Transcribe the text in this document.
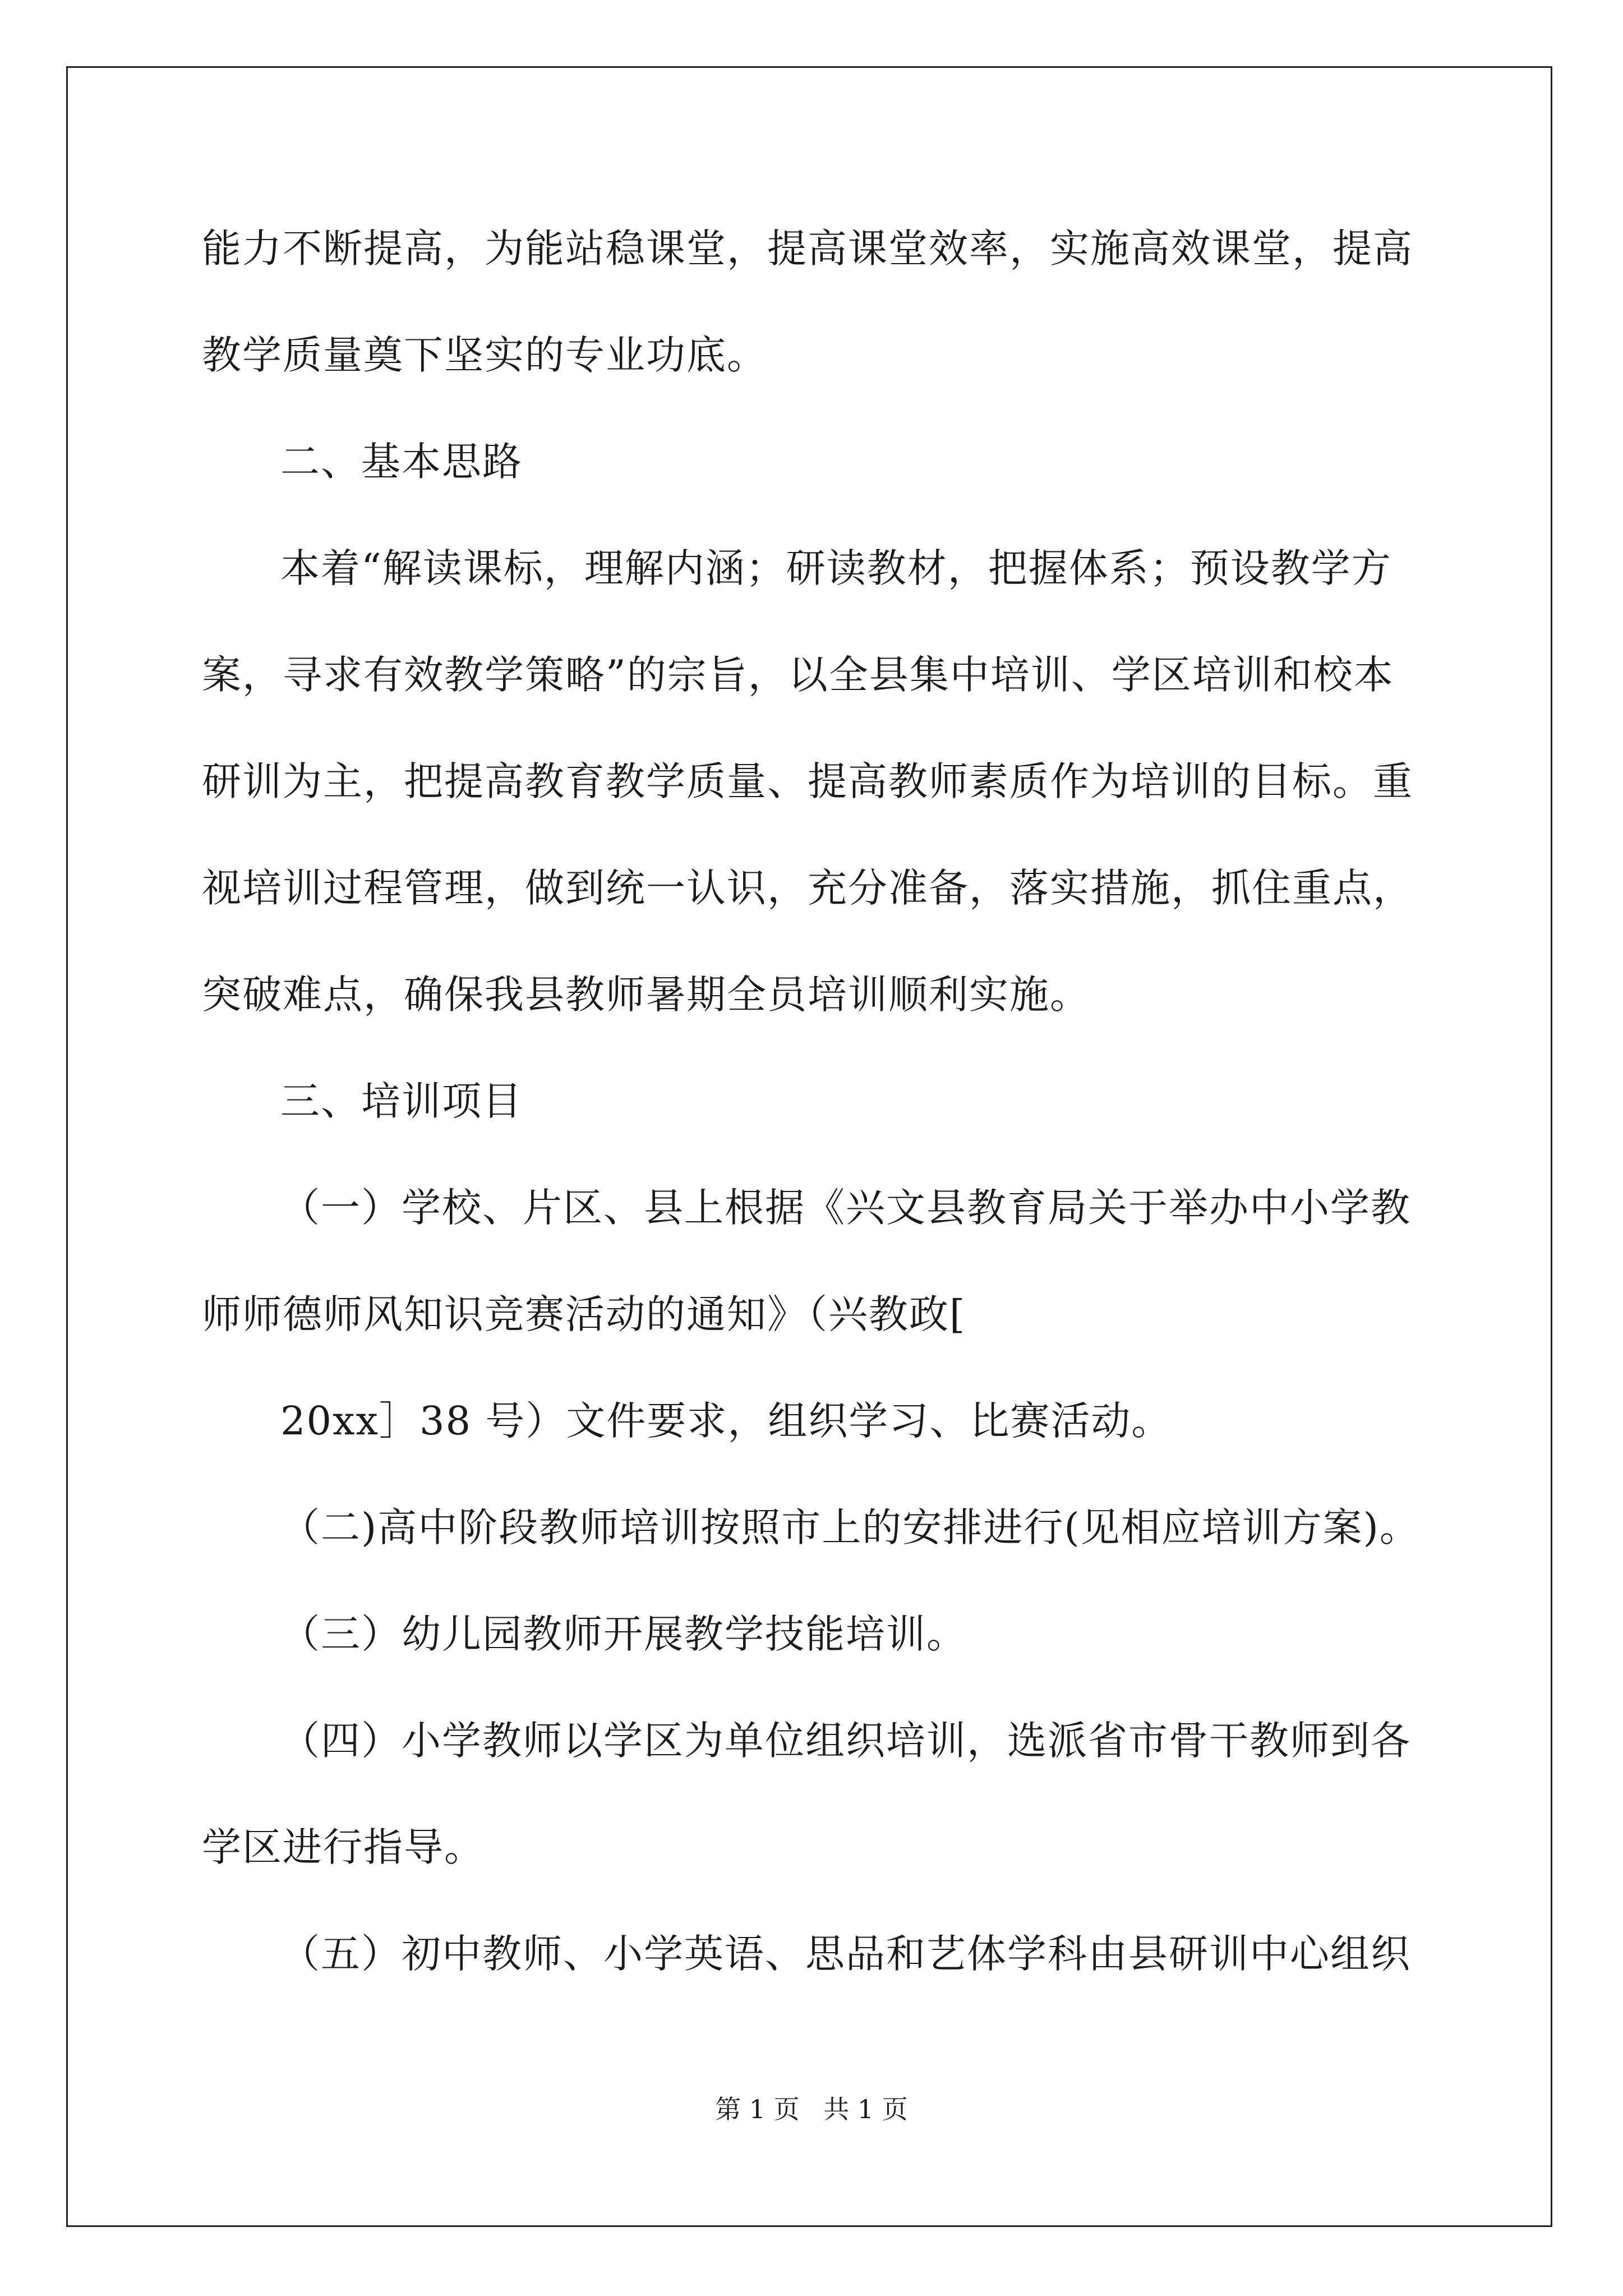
能力不断提高，为能站稳课堂，提高课堂效率，实施高效课堂，提高
教学质量奠下坚实的专业功底。
二、基本思路
本着“解读课标，理解内涵；研读教材，把握体系；预设教学方
案，寻求有效教学策略”的宗旨，以全县集中培训、学区培训和校本
研训为主，把提高教育教学质量、提高教师素质作为培训的目标。重
视培训过程管理，做到统一认识，充分准备，落实措施，抓住重点，
突破难点，确保我县教师暑期全员培训顺利实施。
三、培训项目
（一）学校、片区、县上根据《兴文县教育局关于举办中小学教
师师德师风知识竞赛活动的通知》（兴教政[
20xx］38 号）文件要求，组织学习、比赛活动。
（二)高中阶段教师培训按照市上的安排进行(见相应培训方案)。
（三）幼儿园教师开展教学技能培训。
（四）小学教师以学区为单位组织培训，选派省市骨干教师到各
学区进行指导。
（五）初中教师、小学英语、思品和艺体学科由县研训中心组织
第 1 页 共 1 页
